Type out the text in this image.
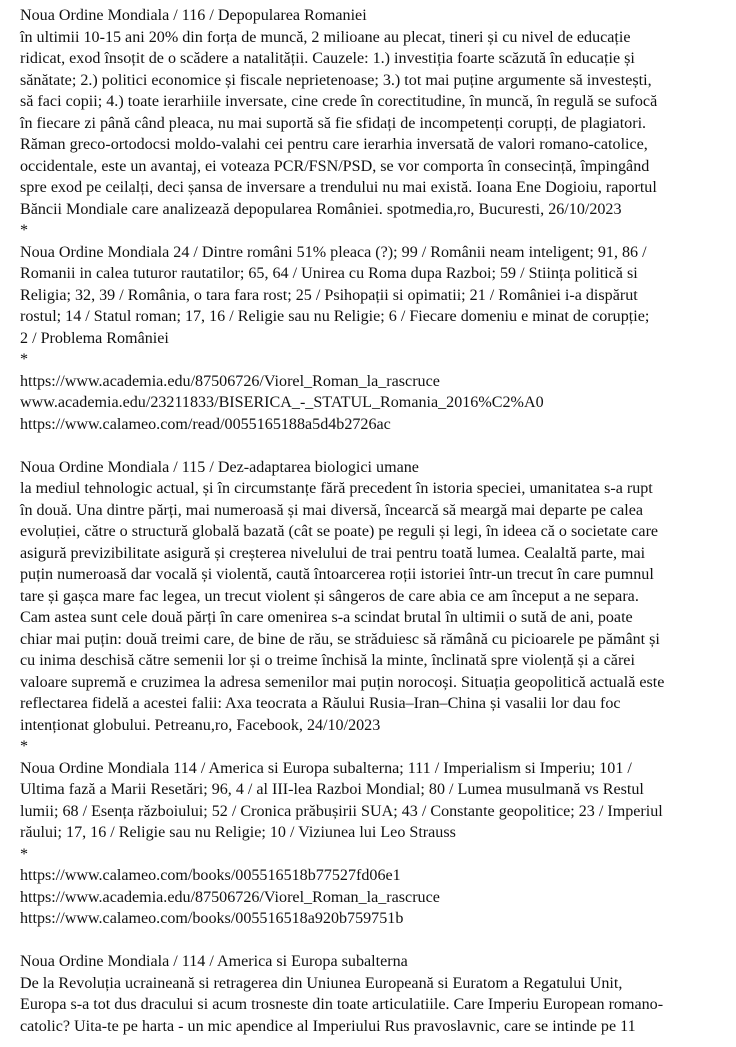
Noua Ordine Mondiala / 116 / Depopularea Romaniei
în ultimii 10-15 ani 20% din forța de muncă, 2 milioane au plecat, tineri și cu nivel de educație
ridicat, exod însoțit de o scădere a natalității. Cauzele: 1.) investiția foarte scăzută în educație și
sănătate; 2.) politici economice și fiscale neprietenoase; 3.) tot mai puține argumente să investești,
să faci copii; 4.) toate ierarhiile inversate, cine crede în corectitudine, în muncă, în regulă se sufocă
în fiecare zi până când pleaca, nu mai suportă să fie sfidați de incompetenți corupți, de plagiatori.
Răman greco-ortodocsi moldo-valahi cei pentru care ierarhia inversată de valori romano-catolice,
occidentale, este un avantaj, ei voteaza PCR/FSN/PSD, se vor comporta în consecință, împingând
spre exod pe ceilalți, deci șansa de inversare a trendului nu mai există. Ioana Ene Dogioiu, raportul
Băncii Mondiale care analizează depopularea României. spotmedia,ro, Bucuresti, 26/10/2023
*
Noua Ordine Mondiala 24 / Dintre români 51% pleaca (?); 99 / Românii neam inteligent; 91, 86 /
Romanii in calea tuturor rautatilor; 65, 64 / Unirea cu Roma dupa Razboi; 59 / Stiința politică si
Religia; 32, 39 / România, o tara fara rost; 25 / Psihopații si opimatii; 21 / României i-a dispărut
rostul; 14 / Statul roman; 17, 16 / Religie sau nu Religie; 6 / Fiecare domeniu e minat de corupție;
2 / Problema României
*
https://www.academia.edu/87506726/Viorel_Roman_la_rascruce
www.academia.edu/23211833/BISERICA_-_STATUL_Romania_2016%C2%A0
https://www.calameo.com/read/0055165188a5d4b2726ac
Noua Ordine Mondiala / 115 / Dez-adaptarea biologici umane
la mediul tehnologic actual, și în circumstanțe fără precedent în istoria speciei, umanitatea s-a rupt
în două. Una dintre părți, mai numeroasă și mai diversă, încearcă să meargă mai departe pe calea
evoluției, către o structură globală bazată (cât se poate) pe reguli și legi, în ideea că o societate care
asigură previzibilitate asigură și creșterea nivelului de trai pentru toată lumea. Cealaltă parte, mai
puțin numeroasă dar vocală și violentă, caută întoarcerea roții istoriei într-un trecut în care pumnul
tare și gașca mare fac legea, un trecut violent și sângeros de care abia ce am început a ne separa.
Cam astea sunt cele două părți în care omenirea s-a scindat brutal în ultimii o sută de ani, poate
chiar mai puțin: două treimi care, de bine de rău, se străduiesc să rămână cu picioarele pe pământ și
cu inima deschisă către semenii lor și o treime închisă la minte, înclinată spre violență și a cărei
valoare supremă e cruzimea la adresa semenilor mai puțin norocoși. Situația geopolitică actuală este
reflectarea fidelă a acestei falii: Axa teocrata a Răului Rusia–Iran–China și vasalii lor dau foc
intenționat globului. Petreanu,ro, Facebook, 24/10/2023
*
Noua Ordine Mondiala 114 / America si Europa subalterna; 111 / Imperialism si Imperiu; 101 /
Ultima fază a Marii Resetări; 96, 4 / al III-lea Razboi Mondial; 80 / Lumea musulmană vs Restul
lumii; 68 / Esența războiului; 52 / Cronica prăbușirii SUA; 43 / Constante geopolitice; 23 / Imperiul
răului; 17, 16 / Religie sau nu Religie; 10 / Viziunea lui Leo Strauss
*
https://www.calameo.com/books/005516518b77527fd06e1
https://www.academia.edu/87506726/Viorel_Roman_la_rascruce
https://www.calameo.com/books/005516518a920b759751b
Noua Ordine Mondiala / 114 / America si Europa subalterna
De la Revoluția ucraineană si retragerea din Uniunea Europeană si Euratom a Regatului Unit,
Europa s-a tot dus dracului si acum trosneste din toate articulatiile. Care Imperiu European romano-
catolic? Uita-te pe harta - un mic apendice al Imperiului Rus pravoslavnic, care se intinde pe 11
